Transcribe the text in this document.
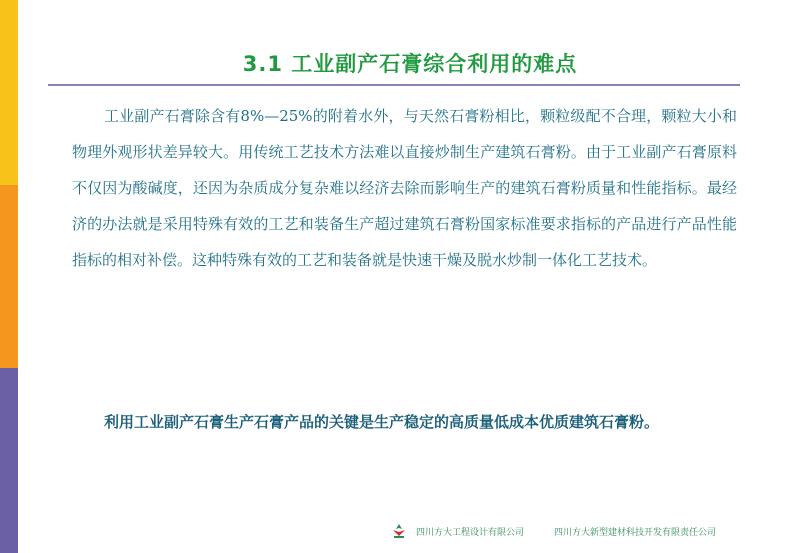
3.1 工业副产石膏综合利用的难点

工业副产石膏除含有8%—25%的附着水外，与天然石膏粉相比，颗粒级配不合理，颗粒大小和物理外观形状差异较大。用传统工艺技术方法难以直接炒制生产建筑石膏粉。由于工业副产石膏原料不仅因为酸碱度，还因为杂质成分复杂难以经济去除而影响生产的建筑石膏粉质量和性能指标。最经济的办法就是采用特殊有效的工艺和装备生产超过建筑石膏粉国家标准要求指标的产品进行产品性能指标的相对补偿。这种特殊有效的工艺和装备就是快速干燥及脱水炒制一体化工艺技术。

利用工业副产石膏生产石膏产品的关键是生产稳定的高质量低成本优质建筑石膏粉。

四川方大工程设计有限公司	四川方大新型建材科技开发有限责任公司
